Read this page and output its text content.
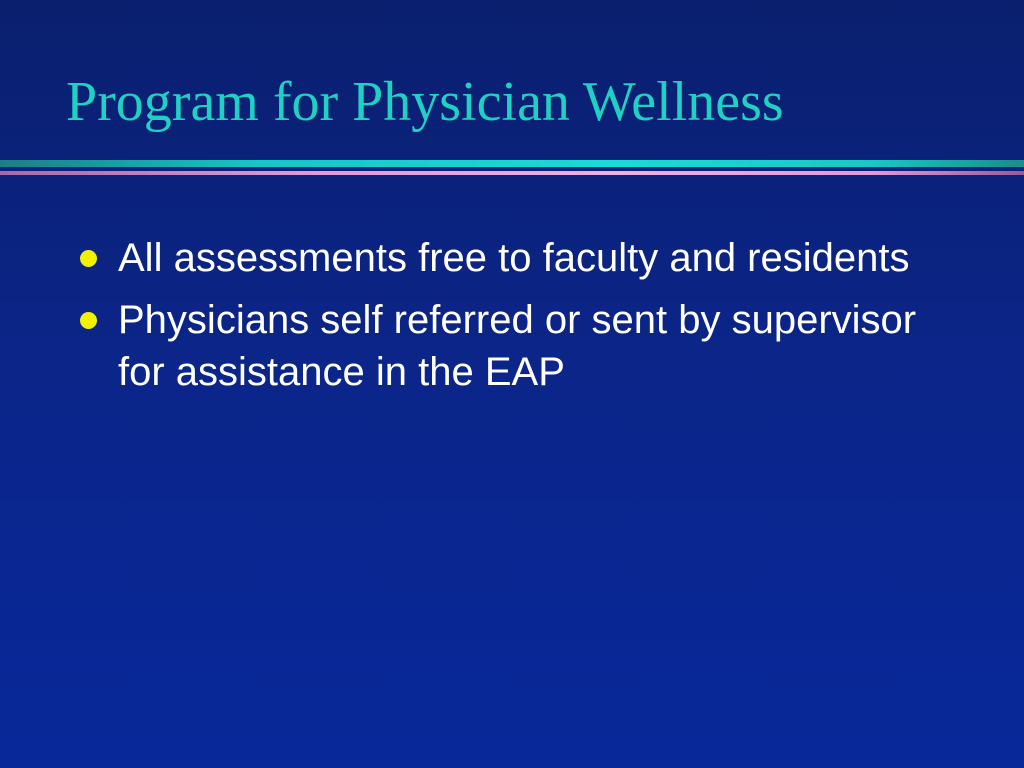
Program for Physician Wellness
All assessments free to faculty and residents
Physicians self referred or sent by supervisor for assistance in the EAP
